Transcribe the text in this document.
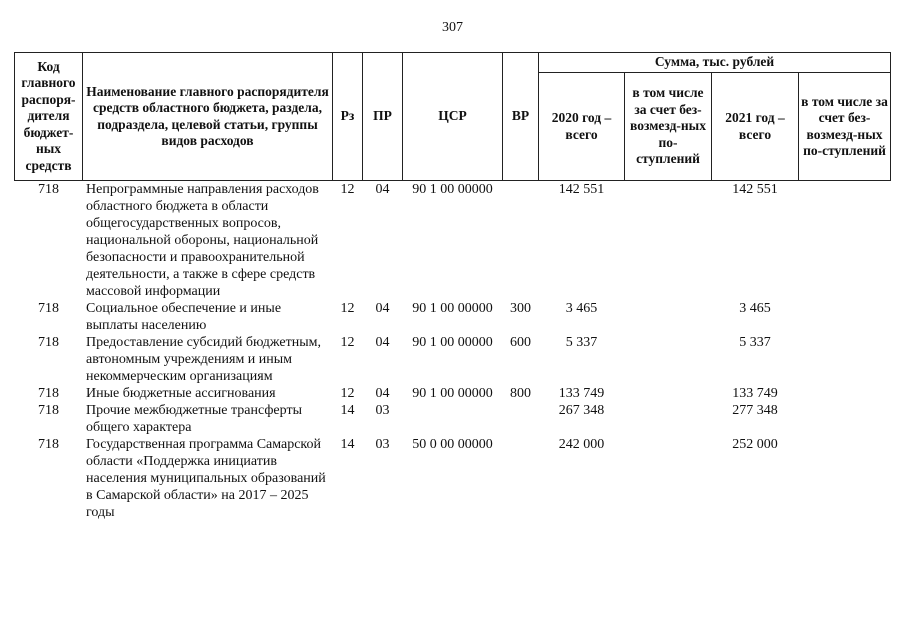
307
Код главного распоря-дителя бюджет-ных средств	Наименование главного распорядителя средств областного бюджета, раздела, подраздела, целевой статьи, группы видов расходов	Рз	ПР	ЦСР	ВР	Сумма, тыс. рублей			
						2020 год – всего	в том числе за счет без-возмезд-ных по-ступлений	2021 год – всего	в том числе за счет без-возмезд-ных по-ступлений
718	Непрограммные направления расходов областного бюджета в области общегосударственных вопросов, национальной обороны, национальной безопасности и правоохранительной деятельности, а также в сфере средств массовой информации	12	04	90 1 00 00000		142 551		142 551	
718	Социальное обеспечение и иные выплаты населению	12	04	90 1 00 00000	300	3 465		3 465	
718	Предоставление субсидий бюджетным, автономным учреждениям и иным некоммерческим организациям	12	04	90 1 00 00000	600	5 337		5 337	
718	Иные бюджетные ассигнования	12	04	90 1 00 00000	800	133 749		133 749	
718	Прочие межбюджетные трансферты общего характера	14	03			267 348		277 348	
718	Государственная программа Самарской области «Поддержка инициатив населения муниципальных образований в Самарской области» на 2017 – 2025 годы	14	03	50 0 00 00000		242 000		252 000	
